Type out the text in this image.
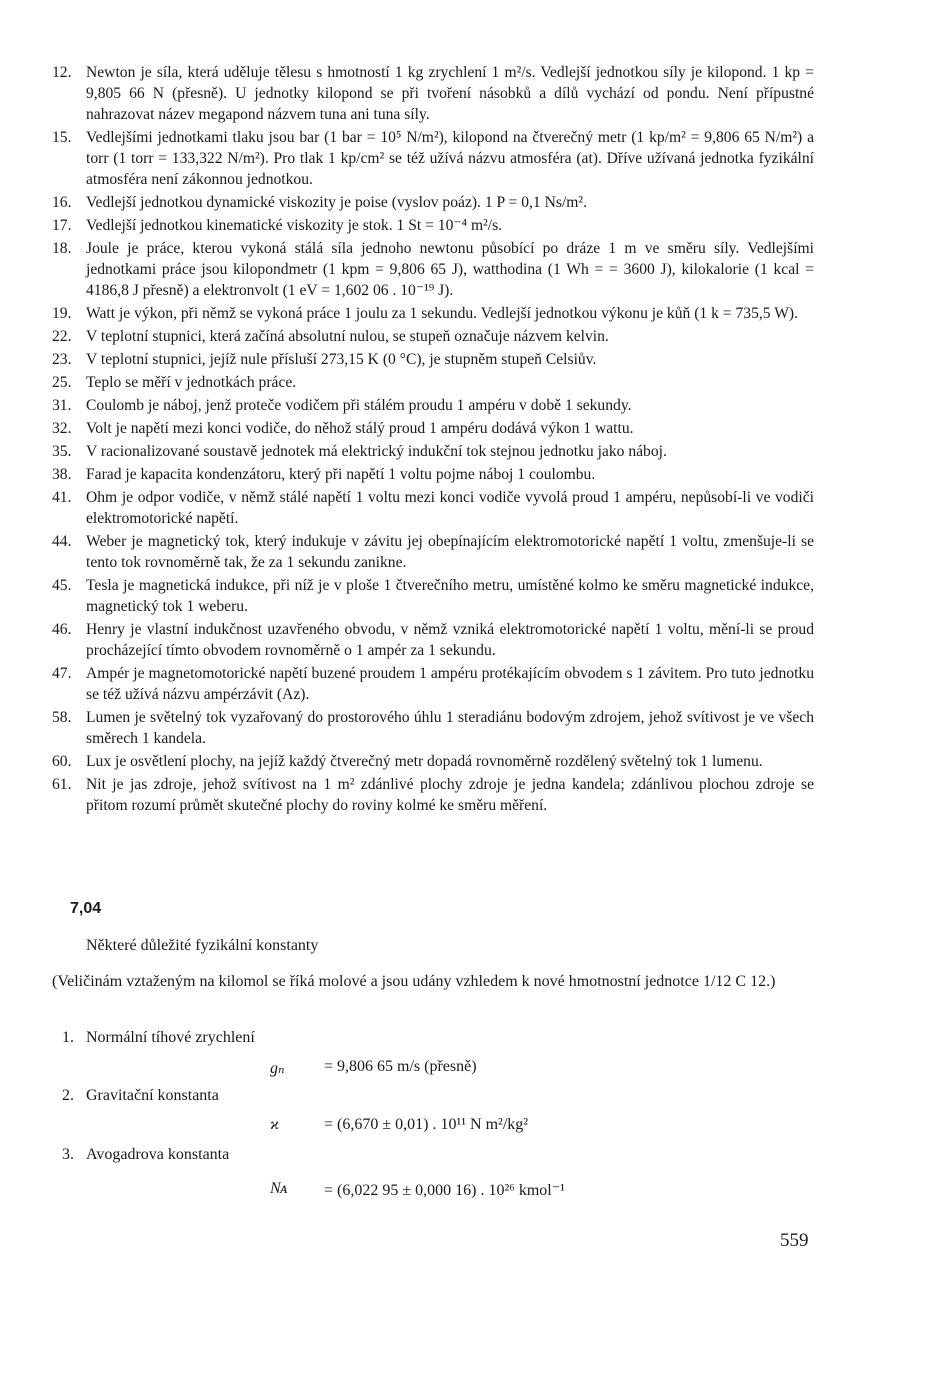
12. Newton je síla, která uděluje tělesu s hmotností 1 kg zrychlení 1 m²/s. Vedlejší jednotkou síly je kilopond. 1 kp = 9,805 66 N (přesně). U jednotky kilopond se při tvoření násobků a dílů vychází od pondu. Není přípustné nahrazovat název megapond názvem tuna ani tuna síly.
15. Vedlejšími jednotkami tlaku jsou bar (1 bar = 10⁵ N/m²), kilopond na čtverečný metr (1 kp/m² = 9,806 65 N/m²) a torr (1 torr = 133,322 N/m²). Pro tlak 1 kp/cm² se též užívá názvu atmosféra (at). Dříve užívaná jednotka fyzikální atmosféra není zákonnou jednotkou.
16. Vedlejší jednotkou dynamické viskozity je poise (vyslov poáz). 1 P = 0,1 Ns/m².
17. Vedlejší jednotkou kinematické viskozity je stok. 1 St = 10⁻⁴ m²/s.
18. Joule je práce, kterou vykoná stálá síla jednoho newtonu působící po dráze 1 m ve směru síly. Vedlejšími jednotkami práce jsou kilopondmetr (1 kpm = 9,806 65 J), watthodina (1 Wh = = 3600 J), kilokalorie (1 kcal = 4186,8 J přesně) a elektronvolt (1 eV = 1,602 06 . 10⁻¹⁹ J).
19. Watt je výkon, při němž se vykoná práce 1 joulu za 1 sekundu. Vedlejší jednotkou výkonu je kůň (1 k = 735,5 W).
22. V teplotní stupnici, která začíná absolutní nulou, se stupeň označuje názvem kelvin.
23. V teplotní stupnici, jejíž nule přísluší 273,15 K (0 °C), je stupněm stupeň Celsiův.
25. Teplo se měří v jednotkách práce.
31. Coulomb je náboj, jenž proteče vodičem při stálém proudu 1 ampéru v době 1 sekundy.
32. Volt je napětí mezi konci vodiče, do něhož stálý proud 1 ampéru dodává výkon 1 wattu.
35. V racionalizované soustavě jednotek má elektrický indukční tok stejnou jednotku jako náboj.
38. Farad je kapacita kondenzátoru, který při napětí 1 voltu pojme náboj 1 coulombu.
41. Ohm je odpor vodiče, v němž stálé napětí 1 voltu mezi konci vodiče vyvolá proud 1 ampéru, nepůsobí-li ve vodiči elektromotorické napětí.
44. Weber je magnetický tok, který indukuje v závitu jej obepínajícím elektromotorické napětí 1 voltu, zmenšuje-li se tento tok rovnoměrně tak, že za 1 sekundu zanikne.
45. Tesla je magnetická indukce, při níž je v ploše 1 čtverečního metru, umístěné kolmo ke směru magnetické indukce, magnetický tok 1 weberu.
46. Henry je vlastní indukčnost uzavřeného obvodu, v němž vzniká elektromotorické napětí 1 voltu, mění-li se proud procházející tímto obvodem rovnoměrně o 1 ampér za 1 sekundu.
47. Ampér je magnetomotorické napětí buzené proudem 1 ampéru protékajícím obvodem s 1 závitem. Pro tuto jednotku se též užívá názvu ampérzávit (Az).
58. Lumen je světelný tok vyzařovaný do prostorového úhlu 1 steradiánu bodovým zdrojem, jehož svítivost je ve všech směrech 1 kandela.
60. Lux je osvětlení plochy, na jejíž každý čtverečný metr dopadá rovnoměrně rozdělený světelný tok 1 lumenu.
61. Nit je jas zdroje, jehož svítivost na 1 m² zdánlivé plochy zdroje je jedna kandela; zdánlivou plochou zdroje se přitom rozumí průmět skutečné plochy do roviny kolmé ke směru měření.
7,04
Některé důležité fyzikální konstanty
(Veličinám vztaženým na kilomol se říká molové a jsou udány vzhledem k nové hmotnostní jednotce 1/12 C 12.)
1. Normální tíhové zrychlení
gₙ = 9,806 65 m/s (přesně)
2. Gravitační konstanta
ϰ	= (6,670 ± 0,01) . 10¹¹ N m²/kg²
3. Avogadrova konstanta
Nᴀ = (6,022 95 ± 0,000 16) . 10²⁶ kmol⁻¹
559
